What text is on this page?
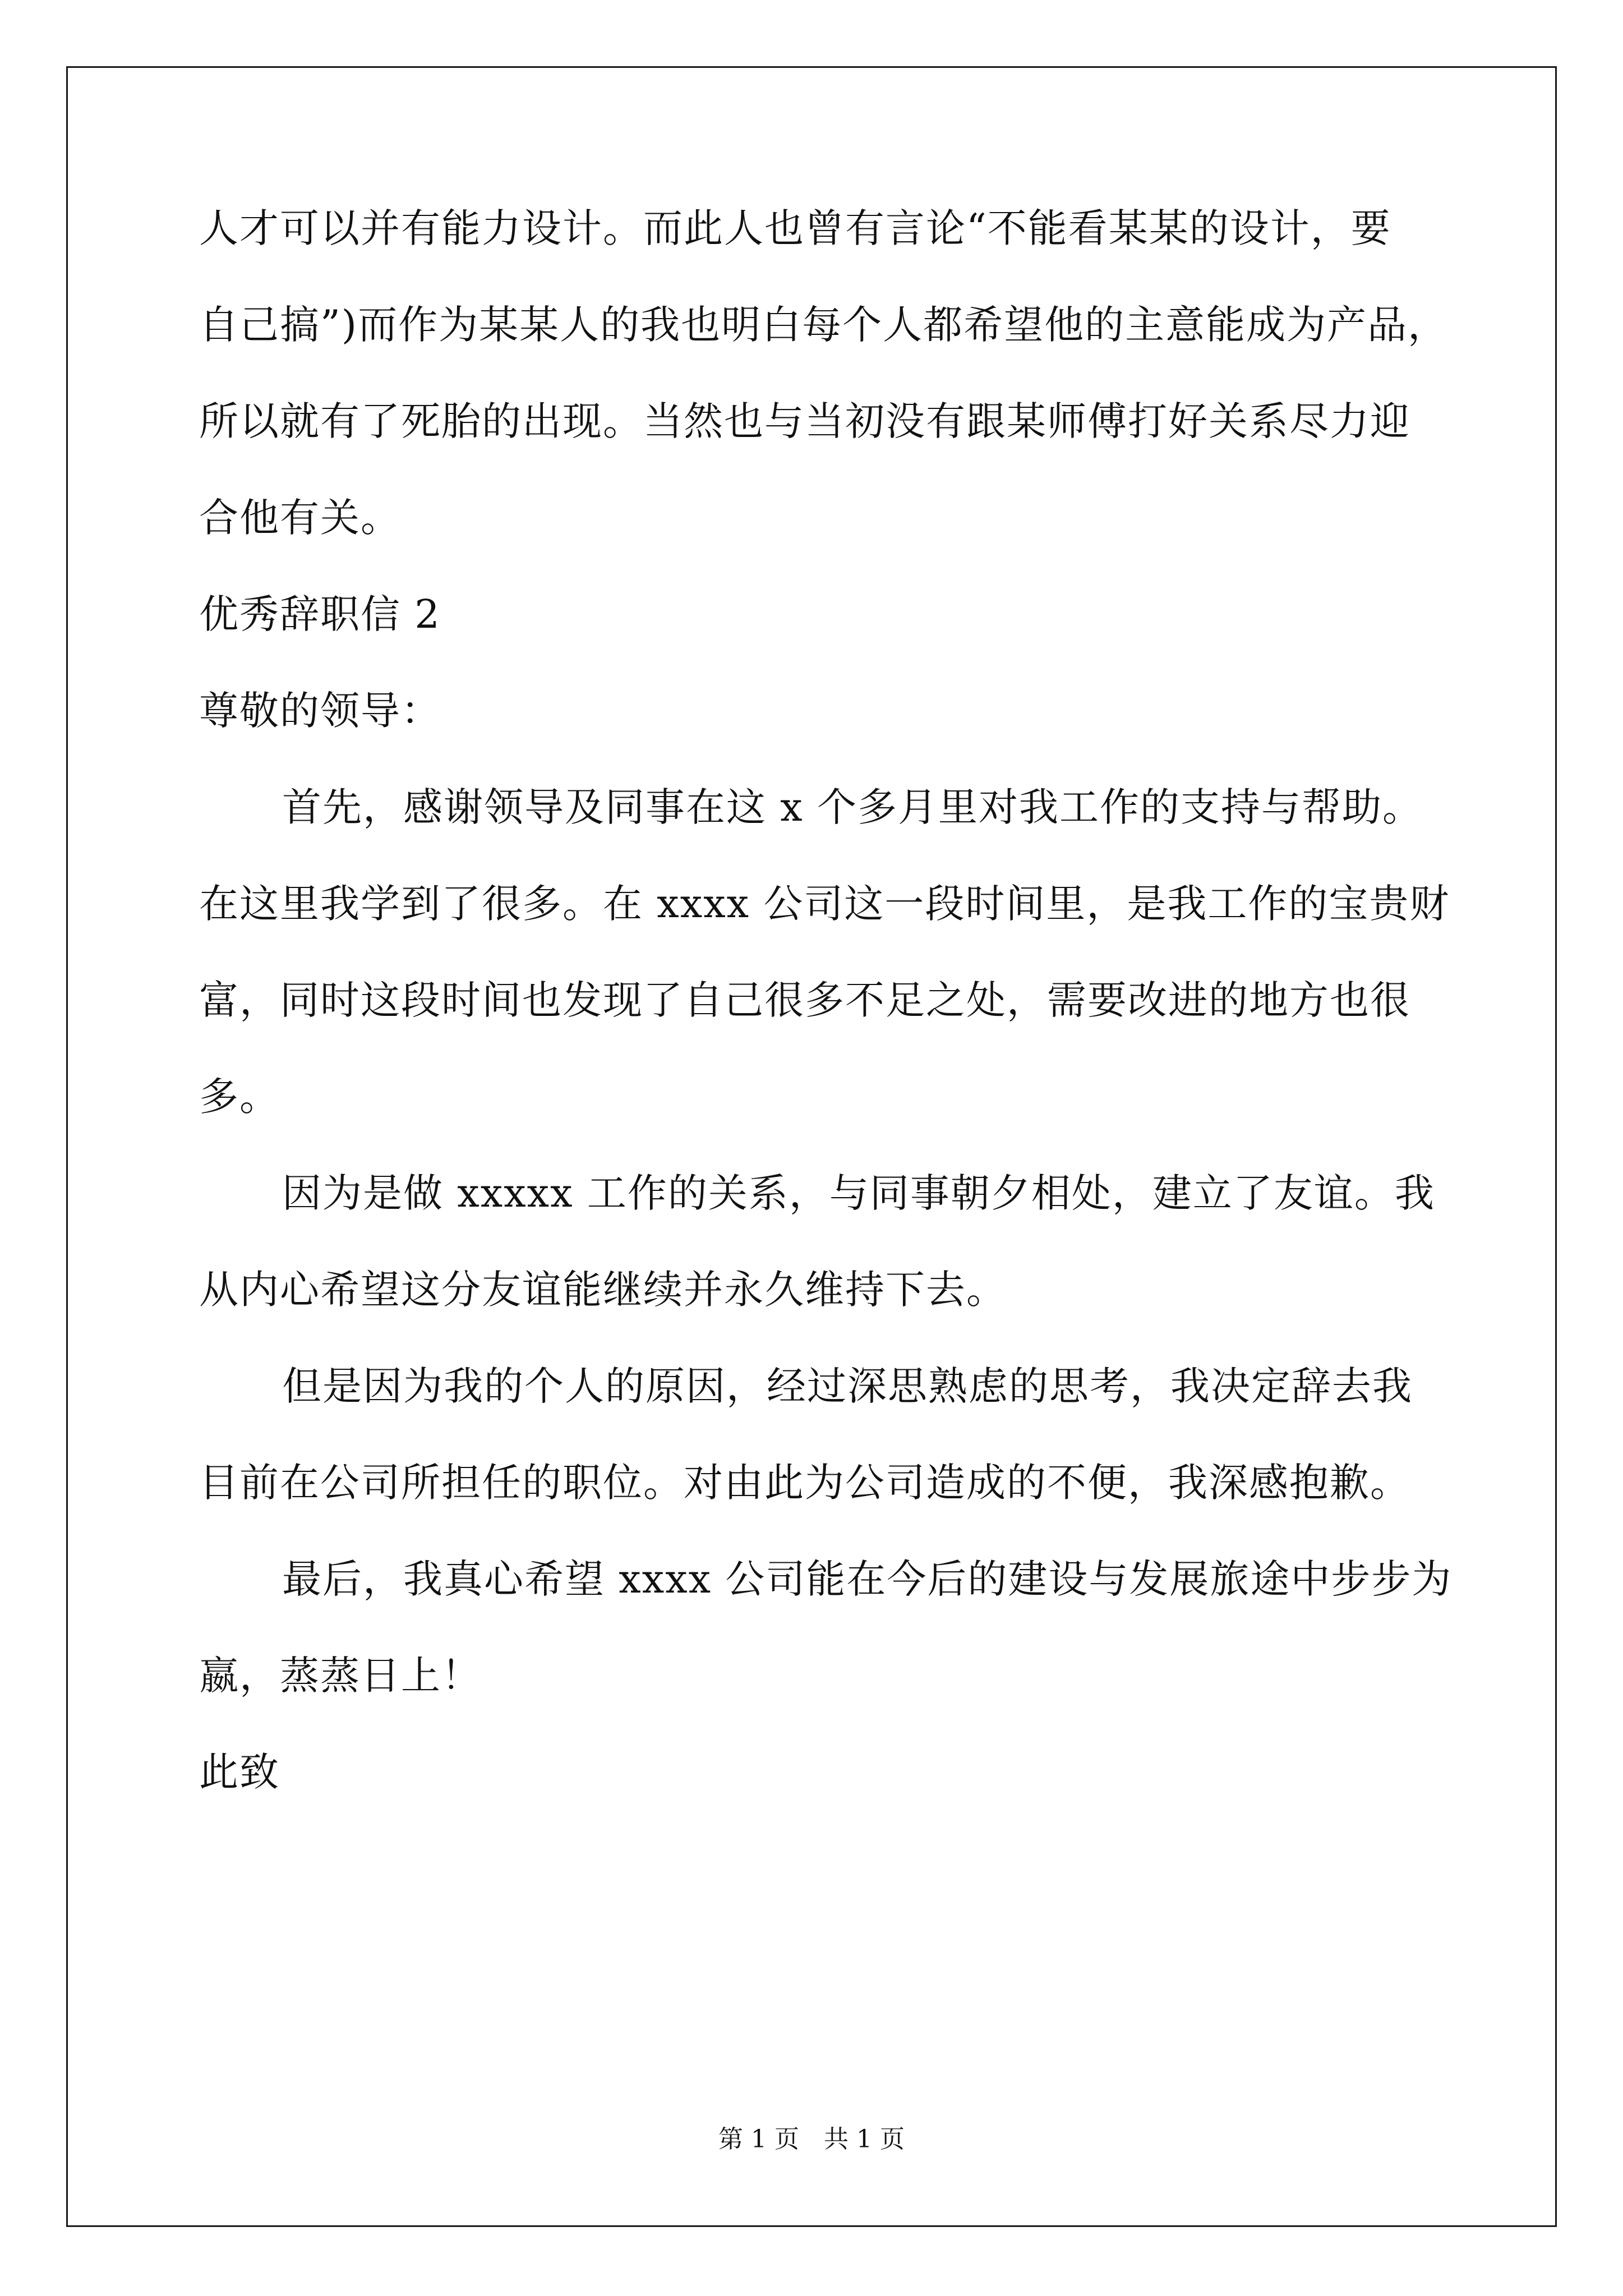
人才可以并有能力设计。而此人也曾有言论“不能看某某的设计，要
自己搞”)而作为某某人的我也明白每个人都希望他的主意能成为产品，
所以就有了死胎的出现。当然也与当初没有跟某师傅打好关系尽力迎
合他有关。
优秀辞职信 2
尊敬的领导：
首先，感谢领导及同事在这 x 个多月里对我工作的支持与帮助。
在这里我学到了很多。在 xxxx 公司这一段时间里，是我工作的宝贵财
富，同时这段时间也发现了自己很多不足之处，需要改进的地方也很
多。
因为是做 xxxxx 工作的关系，与同事朝夕相处，建立了友谊。我
从内心希望这分友谊能继续并永久维持下去。
但是因为我的个人的原因，经过深思熟虑的思考，我决定辞去我
目前在公司所担任的职位。对由此为公司造成的不便，我深感抱歉。
最后，我真心希望 xxxx 公司能在今后的建设与发展旅途中步步为
嬴，蒸蒸日上！
此致
第 1 页　共 1 页
